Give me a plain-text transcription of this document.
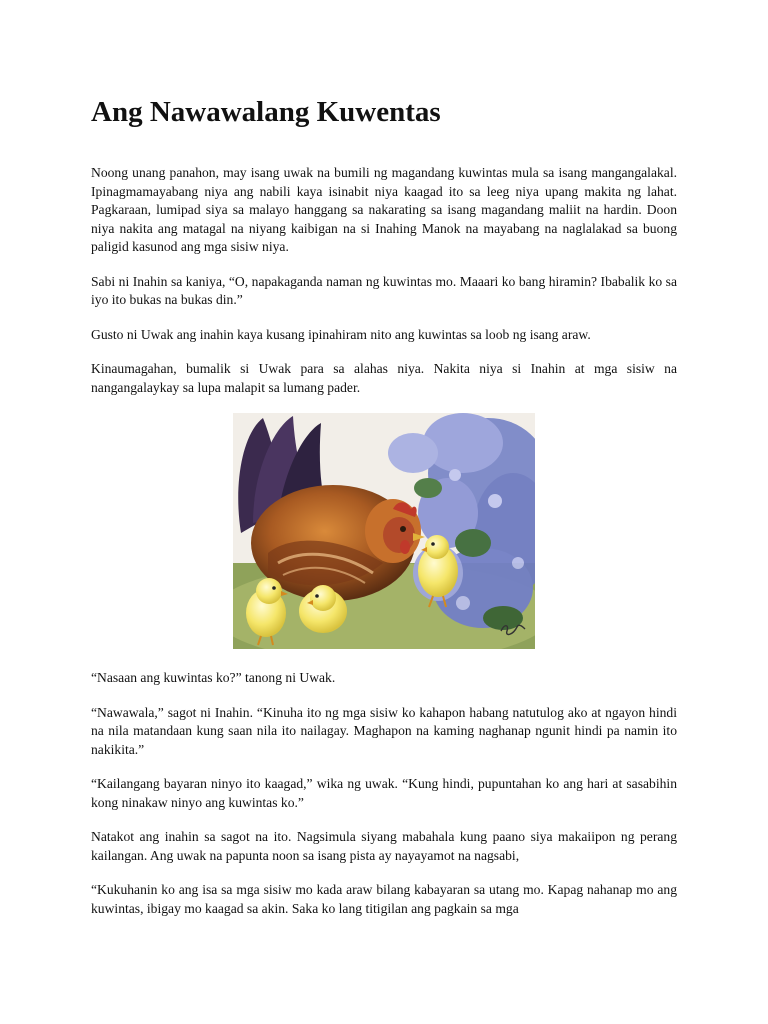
Ang Nawawalang Kuwentas

Noong unang panahon, may isang uwak na bumili ng magandang kuwintas mula sa isang mangangalakal. Ipinagmamayabang niya ang nabili kaya isinabit niya kaagad ito sa leeg niya upang makita ng lahat. Pagkaraan, lumipad siya sa malayo hanggang sa nakarating sa isang magandang maliit na hardin. Doon niya nakita ang matagal na niyang kaibigan na si Inahing Manok na mayabang na naglalakad sa buong paligid kasunod ang mga sisiw niya.

Sabi ni Inahin sa kaniya, “O, napakaganda naman ng kuwintas mo. Maaari ko bang hiramin? Ibabalik ko sa iyo ito bukas na bukas din.”

Gusto ni Uwak ang inahin kaya kusang ipinahiram nito ang kuwintas sa loob ng isang araw.

Kinaumagahan, bumalik si Uwak para sa alahas niya. Nakita niya si Inahin at mga sisiw na nangangalaykay sa lupa malapit sa lumang pader.

“Nasaan ang kuwintas ko?” tanong ni Uwak.

“Nawawala,” sagot ni Inahin. “Kinuha ito ng mga sisiw ko kahapon habang natutulog ako at ngayon hindi na nila matandaan kung saan nila ito nailagay. Maghapon na kaming naghanap ngunit hindi pa namin ito nakikita.”

“Kailangang bayaran ninyo ito kaagad,” wika ng uwak. “Kung hindi, pupuntahan ko ang hari at sasabihin kong ninakaw ninyo ang kuwintas ko.”

Natakot ang inahin sa sagot na ito. Nagsimula siyang mabahala kung paano siya makaiipon ng perang kailangan. Ang uwak na papunta noon sa isang pista ay nayayamot na nagsabi,

“Kukuhanin ko ang isa sa mga sisiw mo kada araw bilang kabayaran sa utang mo. Kapag nahanap mo ang kuwintas, ibigay mo kaagad sa akin. Saka ko lang titigilan ang pagkain sa mga
